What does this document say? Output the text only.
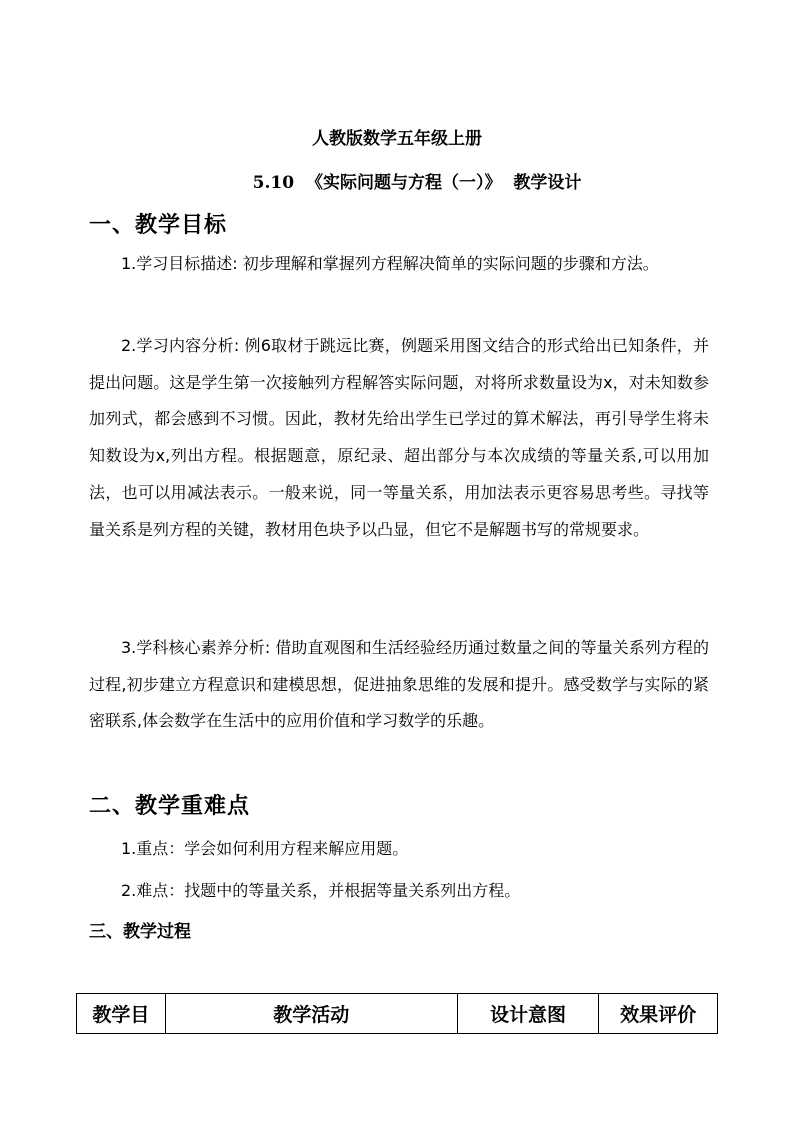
人教版数学五年级上册
5.10 《实际问题与方程（一）》 教学设计
一、教学目标
1.学习目标描述: 初步理解和掌握列方程解决简单的实际问题的步骤和方法。
2.学习内容分析: 例6取材于跳远比赛，例题采用图文结合的形式给出已知条件，并提出问题。这是学生第一次接触列方程解答实际问题，对将所求数量设为x，对未知数参加列式，都会感到不习惯。因此，教材先给出学生已学过的算术解法，再引导学生将未知数设为x,列出方程。根据题意，原纪录、超出部分与本次成绩的等量关系,可以用加法，也可以用减法表示。一般来说，同一等量关系，用加法表示更容易思考些。寻找等量关系是列方程的关键，教材用色块予以凸显，但它不是解题书写的常规要求。
3.学科核心素养分析: 借助直观图和生活经验经历通过数量之间的等量关系列方程的过程,初步建立方程意识和建模思想，促进抽象思维的发展和提升。感受数学与实际的紧密联系,体会数学在生活中的应用价值和学习数学的乐趣。
二、教学重难点
1.重点：学会如何利用方程来解应用题。
2.难点：找题中的等量关系，并根据等量关系列出方程。
三、教学过程
教学目	教学活动	设计意图	效果评价
